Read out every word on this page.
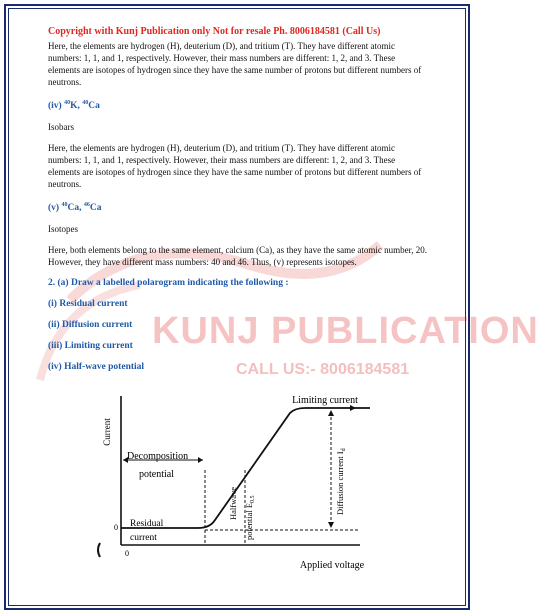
KUNJ PUBLICATION
CALL US:- 8006184581
Copyright with Kunj Publication only Not for resale Ph. 8006184581 (Call Us)

Here, the elements are hydrogen (H), deuterium (D), and tritium (T). They have different atomic numbers: 1, 1, and 1, respectively. However, their mass numbers are different: 1, 2, and 3. These elements are isotopes of hydrogen since they have the same number of protons but different numbers of neutrons.

(iv) $^{40}$K, $^{40}$Ca

Isobars

Here, the elements are hydrogen (H), deuterium (D), and tritium (T). They have different atomic numbers: 1, 1, and 1, respectively. However, their mass numbers are different: 1, 2, and 3. These elements are isotopes of hydrogen since they have the same number of protons but different numbers of neutrons.

(v) $^{40}$Ca, $^{46}$Ca

Isotopes

Here, both elements belong to the same element, calcium (Ca), as they have the same atomic number, 20. However, they have different mass numbers: 40 and 46. Thus, (v) represents isotopes.

2. (a) Draw a labelled polarogram indicating the following :
(i) Residual current
(ii) Diffusion current
(iii) Limiting current
(iv) Half-wave potential
Current
Applied voltage
Limiting current
Decomposition
potential
Residual
current
0
0
Halfwave potential $E_{0.5}$	Diffusion current $I_d$
